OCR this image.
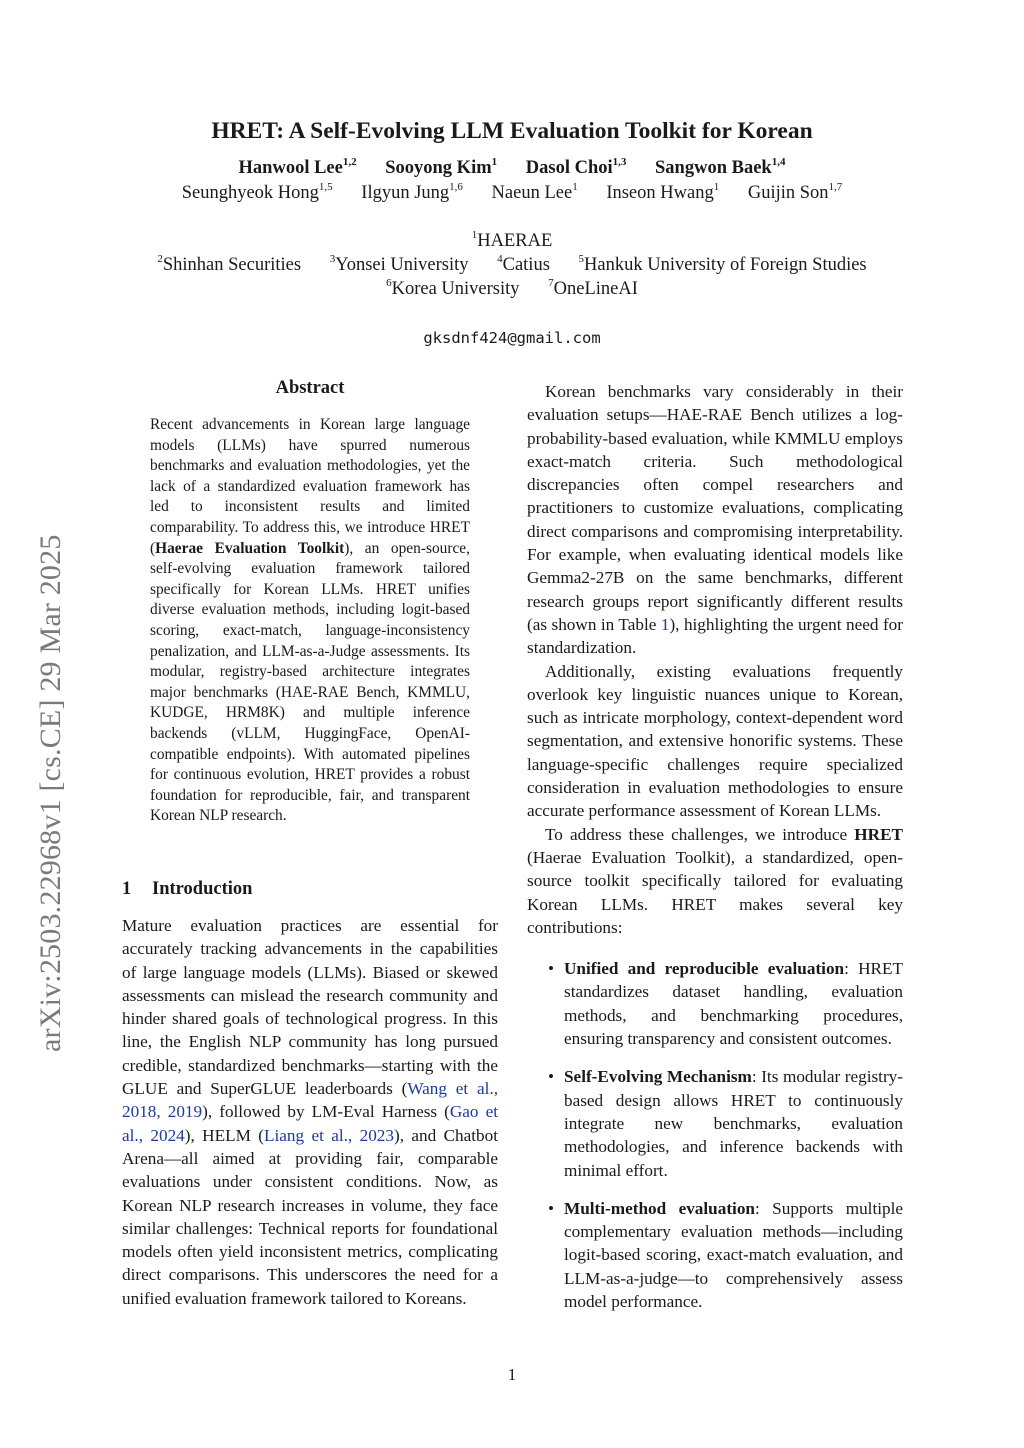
HRET: A Self-Evolving LLM Evaluation Toolkit for Korean
Hanwool Lee$^{1,2}$ Sooyong Kim$^1$ Dasol Choi$^{1,3}$ Sangwon Baek$^{1,4}$
Seunghyeok Hong$^{1,5}$ Ilgyun Jung$^{1,6}$ Naeun Lee$^1$ Inseon Hwang$^1$ Guijin Son$^{1,7}$
$^1$HAERAE
$^2$Shinhan Securities	$^3$Yonsei University	$^4$Catius	$^5$Hankuk University of Foreign Studies
$^6$Korea University	$^7$OneLineAI
gksdnf424@gmail.com
arXiv:2503.22968v1 [cs.CE] 29 Mar 2025
Abstract
Recent advancements in Korean large language models (LLMs) have spurred numerous benchmarks and evaluation methodologies, yet the lack of a standardized evaluation framework has led to inconsistent results and limited comparability. To address this, we introduce HRET (Haerae Evaluation Toolkit), an open-source, self-evolving evaluation framework tailored specifically for Korean LLMs. HRET unifies diverse evaluation methods, including logit-based scoring, exact-match, language-inconsistency penalization, and LLM-as-a-Judge assessments. Its modular, registry-based architecture integrates major benchmarks (HAE-RAE Bench, KMMLU, KUDGE, HRM8K) and multiple inference backends (vLLM, HuggingFace, OpenAI-compatible endpoints). With automated pipelines for continuous evolution, HRET provides a robust foundation for reproducible, fair, and transparent Korean NLP research.
1 Introduction

Mature evaluation practices are essential for accurately tracking advancements in the capabilities of large language models (LLMs). Biased or skewed assessments can mislead the research community and hinder shared goals of technological progress. In this line, the English NLP community has long pursued credible, standardized benchmarks—starting with the GLUE and SuperGLUE leaderboards (Wang et al., 2018, 2019), followed by LM-Eval Harness (Gao et al., 2024), HELM (Liang et al., 2023), and Chatbot Arena—all aimed at providing fair, comparable evaluations under consistent conditions. Now, as Korean NLP research increases in volume, they face similar challenges: Technical reports for foundational models often yield inconsistent metrics, complicating direct comparisons. This underscores the need for a unified evaluation framework tailored to Koreans.

Korean benchmarks vary considerably in their evaluation setups—HAE-RAE Bench utilizes a log-probability-based evaluation, while KMMLU employs exact-match criteria. Such methodological discrepancies often compel researchers and practitioners to customize evaluations, complicating direct comparisons and compromising interpretability. For example, when evaluating identical models like Gemma2-27B on the same benchmarks, different research groups report significantly different results (as shown in Table 1), highlighting the urgent need for standardization.

Additionally, existing evaluations frequently overlook key linguistic nuances unique to Korean, such as intricate morphology, context-dependent word segmentation, and extensive honorific systems. These language-specific challenges require specialized consideration in evaluation methodologies to ensure accurate performance assessment of Korean LLMs.

To address these challenges, we introduce HRET (Haerae Evaluation Toolkit), a standardized, open-source toolkit specifically tailored for evaluating Korean LLMs. HRET makes several key contributions:

• Unified and reproducible evaluation: HRET standardizes dataset handling, evaluation methods, and benchmarking procedures, ensuring transparency and consistent outcomes.
• Self-Evolving Mechanism: Its modular registry-based design allows HRET to continuously integrate new benchmarks, evaluation methodologies, and inference backends with minimal effort.
• Multi-method evaluation: Supports multiple complementary evaluation methods—including logit-based scoring, exact-match evaluation, and LLM-as-a-judge—to comprehensively assess model performance.
1
